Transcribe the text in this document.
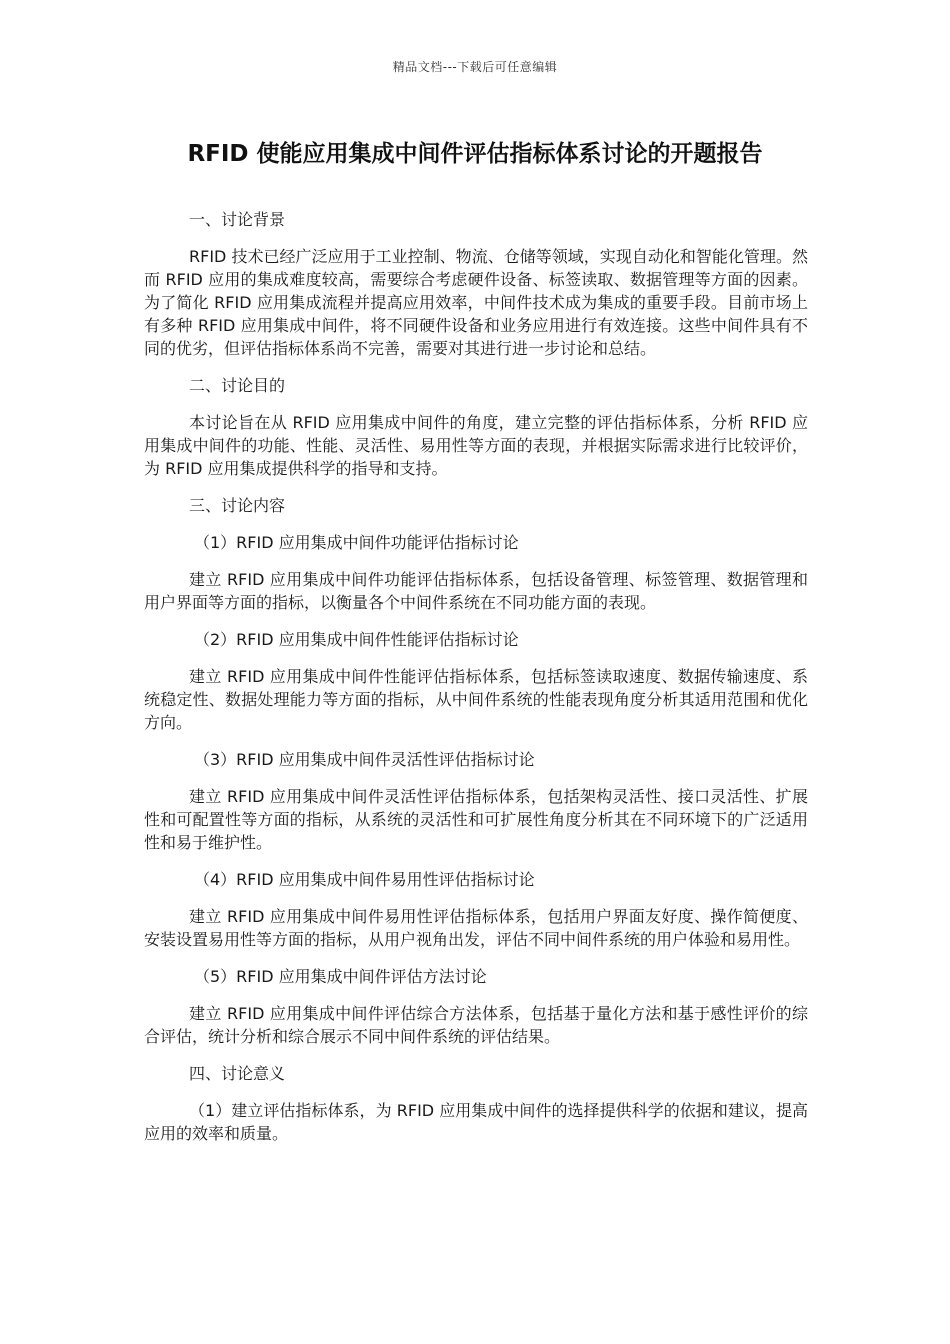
精品文档---下载后可任意编辑
RFID 使能应用集成中间件评估指标体系讨论的开题报告

一、讨论背景

RFID 技术已经广泛应用于工业控制、物流、仓储等领域，实现自动化和智能化管理。然而 RFID 应用的集成难度较高，需要综合考虑硬件设备、标签读取、数据管理等方面的因素。为了简化 RFID 应用集成流程并提高应用效率，中间件技术成为集成的重要手段。目前市场上有多种 RFID 应用集成中间件，将不同硬件设备和业务应用进行有效连接。这些中间件具有不同的优劣，但评估指标体系尚不完善，需要对其进行进一步讨论和总结。

二、讨论目的

本讨论旨在从 RFID 应用集成中间件的角度，建立完整的评估指标体系，分析 RFID 应用集成中间件的功能、性能、灵活性、易用性等方面的表现，并根据实际需求进行比较评价，为 RFID 应用集成提供科学的指导和支持。

三、讨论内容

（1）RFID 应用集成中间件功能评估指标讨论

建立 RFID 应用集成中间件功能评估指标体系，包括设备管理、标签管理、数据管理和用户界面等方面的指标，以衡量各个中间件系统在不同功能方面的表现。

（2）RFID 应用集成中间件性能评估指标讨论

建立 RFID 应用集成中间件性能评估指标体系，包括标签读取速度、数据传输速度、系统稳定性、数据处理能力等方面的指标，从中间件系统的性能表现角度分析其适用范围和优化方向。

（3）RFID 应用集成中间件灵活性评估指标讨论

建立 RFID 应用集成中间件灵活性评估指标体系，包括架构灵活性、接口灵活性、扩展性和可配置性等方面的指标，从系统的灵活性和可扩展性角度分析其在不同环境下的广泛适用性和易于维护性。

（4）RFID 应用集成中间件易用性评估指标讨论

建立 RFID 应用集成中间件易用性评估指标体系，包括用户界面友好度、操作简便度、安装设置易用性等方面的指标，从用户视角出发，评估不同中间件系统的用户体验和易用性。

（5）RFID 应用集成中间件评估方法讨论

建立 RFID 应用集成中间件评估综合方法体系，包括基于量化方法和基于感性评价的综合评估，统计分析和综合展示不同中间件系统的评估结果。

四、讨论意义

（1）建立评估指标体系，为 RFID 应用集成中间件的选择提供科学的依据和建议，提高应用的效率和质量。
